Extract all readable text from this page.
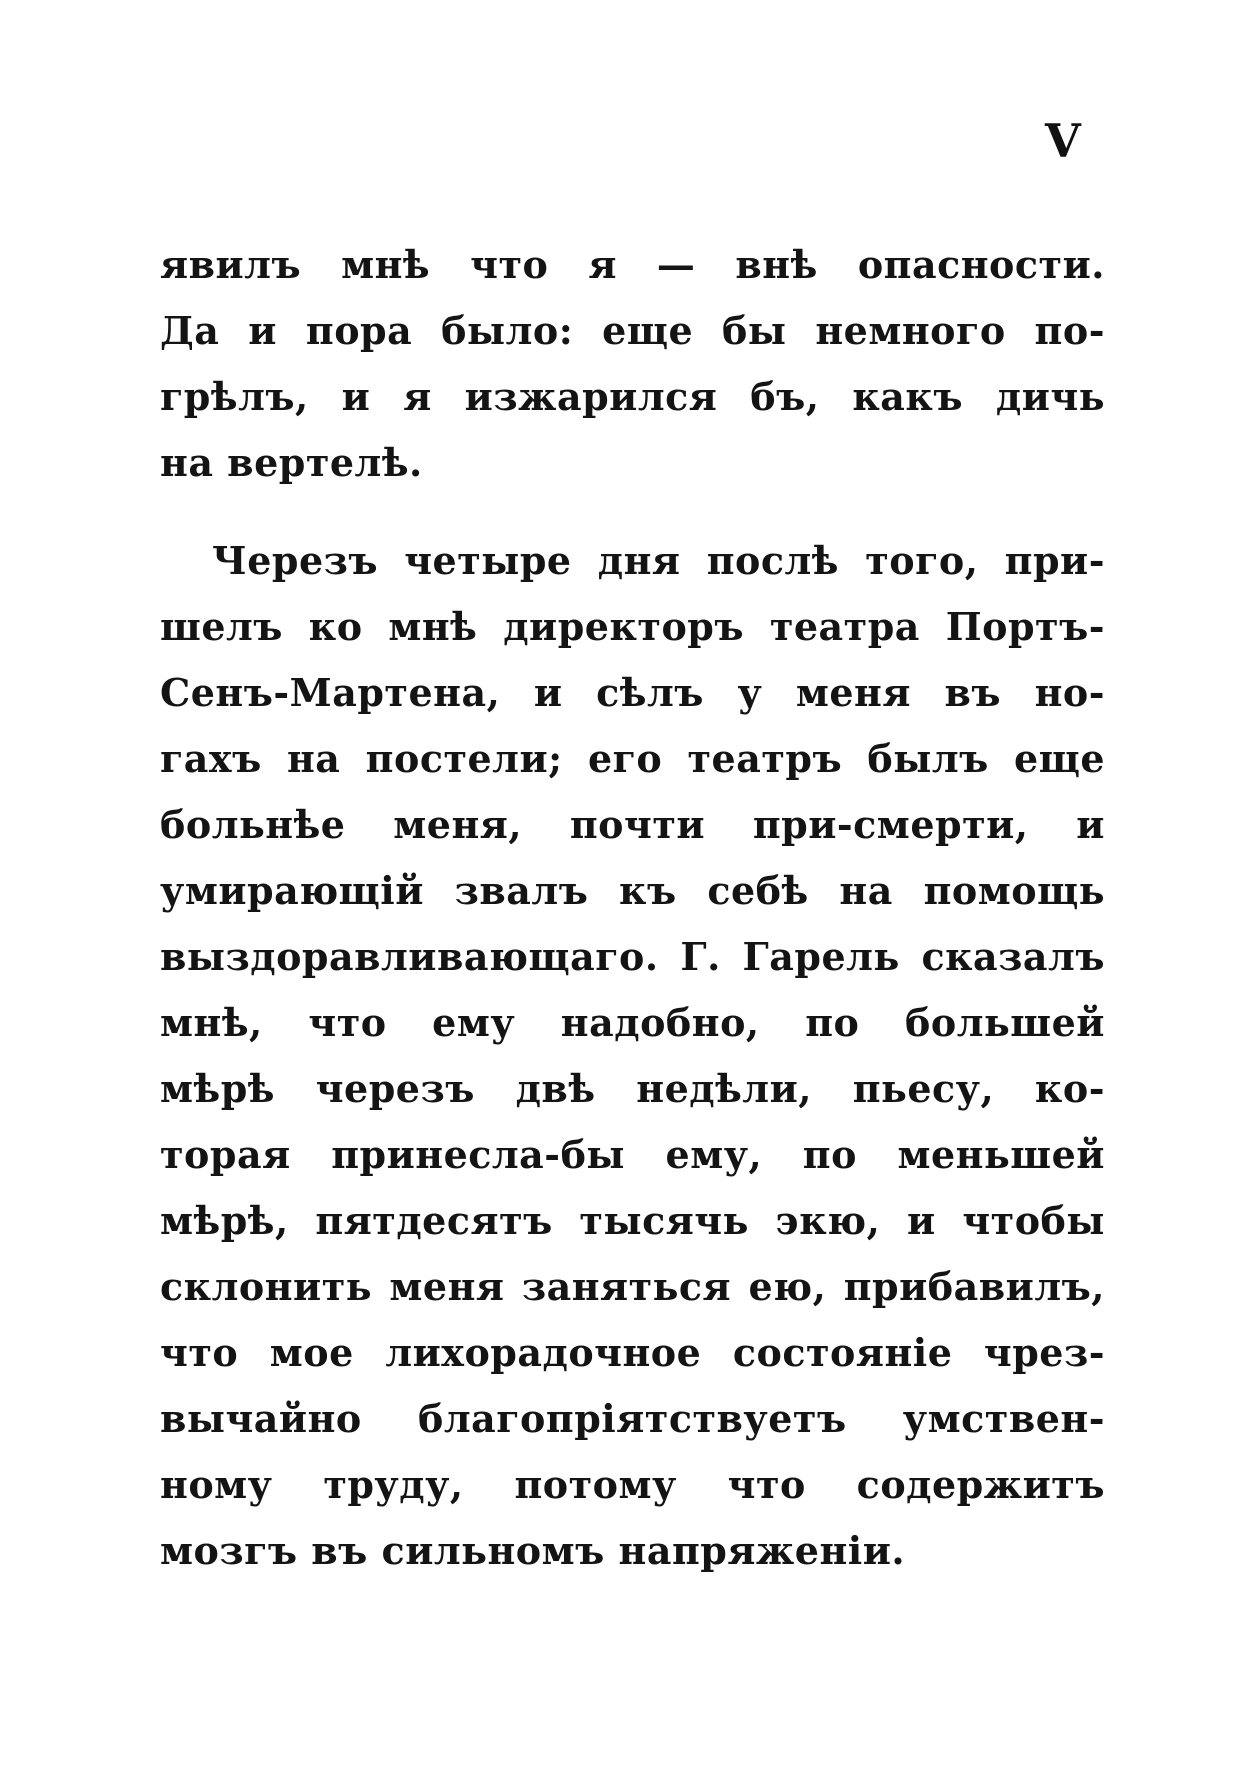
V
явилъ мнѣ что я — внѣ опасности.
Да и пора было: еще бы немного по-
грѣлъ, и я изжарился бъ, какъ дичь
на вертелѣ.
Черезъ четыре дня послѣ того, при-
шелъ ко мнѣ директоръ театра Портъ-
Сенъ-Мартена, и сѣлъ у меня въ но-
гахъ на постели; его театръ былъ еще
больнѣе меня, почти при-смерти, и
умирающій звалъ къ себѣ на помощь
выздоравливающаго. Г. Гарель сказалъ
мнѣ, что ему надобно, по большей
мѣрѣ черезъ двѣ недѣли, пьесу, ко-
торая принесла-бы ему, по меньшей
мѣрѣ, пятдесятъ тысячь экю, и чтобы
склонить меня заняться ею, прибавилъ,
что мое лихорадочное состояніе чрез-
вычайно благопріятствуетъ умствен-
ному труду, потому что содержитъ
мозгъ въ сильномъ напряженіи.
